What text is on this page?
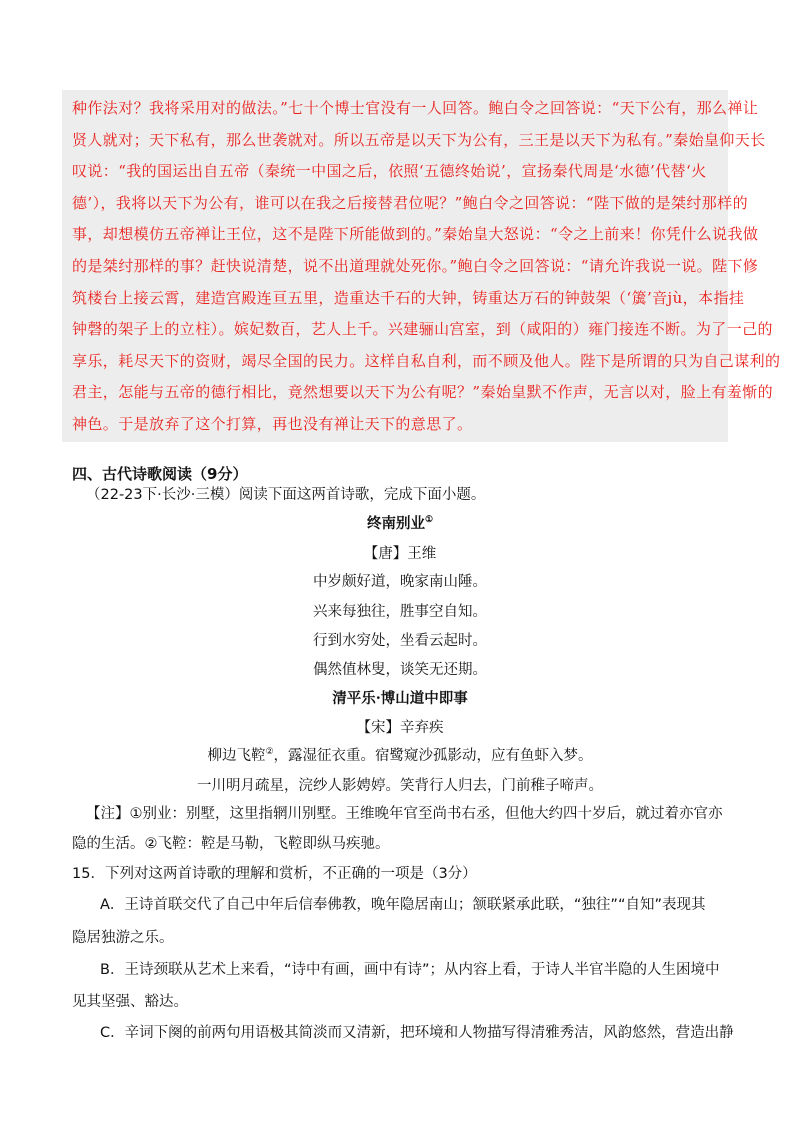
种作法对？我将采用对的做法。”七十个博士官没有一人回答。鲍白令之回答说：“天下公有，那么禅让
贤人就对；天下私有，那么世袭就对。所以五帝是以天下为公有，三王是以天下为私有。”秦始皇仰天长
叹说：“我的国运出自五帝（秦统一中国之后，依照‘五德终始说’，宣扬秦代周是‘水德’代替‘火
德’），我将以天下为公有，谁可以在我之后接替君位呢？”鲍白令之回答说：“陛下做的是桀纣那样的
事，却想模仿五帝禅让王位，这不是陛下所能做到的。”秦始皇大怒说：“令之上前来！你凭什么说我做
的是桀纣那样的事？赶快说清楚，说不出道理就处死你。”鲍白令之回答说：“请允许我说一说。陛下修
筑楼台上接云霄，建造宫殿连亘五里，造重达千石的大钟，铸重达万石的钟鼓架（‘簴’音jù，本指挂
钟磬的架子上的立柱）。嫔妃数百，艺人上千。兴建骊山宫室，到（咸阳的）雍门接连不断。为了一己的
享乐，耗尽天下的资财，竭尽全国的民力。这样自私自利，而不顾及他人。陛下是所谓的只为自己谋利的
君主，怎能与五帝的德行相比，竟然想要以天下为公有呢？”秦始皇默不作声，无言以对，脸上有羞惭的
神色。于是放弃了这个打算，再也没有禅让天下的意思了。
四、古代诗歌阅读（9分）
（22-23下·长沙·三模）阅读下面这两首诗歌，完成下面小题。
终南别业①
【唐】王维
中岁颇好道，晚家南山陲。
兴来每独往，胜事空自知。
行到水穷处，坐看云起时。
偶然值林叟，谈笑无还期。
清平乐·博山道中即事
【宋】辛弃疾
柳边飞鞚②，露湿征衣重。宿鹭窥沙孤影动，应有鱼虾入梦。
一川明月疏星，浣纱人影娉婷。笑背行人归去，门前稚子啼声。
【注】①别业：别墅，这里指辋川别墅。王维晚年官至尚书右丞，但他大约四十岁后，就过着亦官亦
隐的生活。②飞鞚：鞚是马勒，飞鞚即纵马疾驰。
15．下列对这两首诗歌的理解和赏析，不正确的一项是（3分）
A．王诗首联交代了自己中年后信奉佛教，晚年隐居南山；颔联紧承此联，“独往”“自知”表现其
隐居独游之乐。
B．王诗颈联从艺术上来看，“诗中有画，画中有诗”；从内容上看，于诗人半官半隐的人生困境中
见其坚强、豁达。
C．辛词下阕的前两句用语极其简淡而又清新，把环境和人物描写得清雅秀洁，风韵悠然，营造出静
